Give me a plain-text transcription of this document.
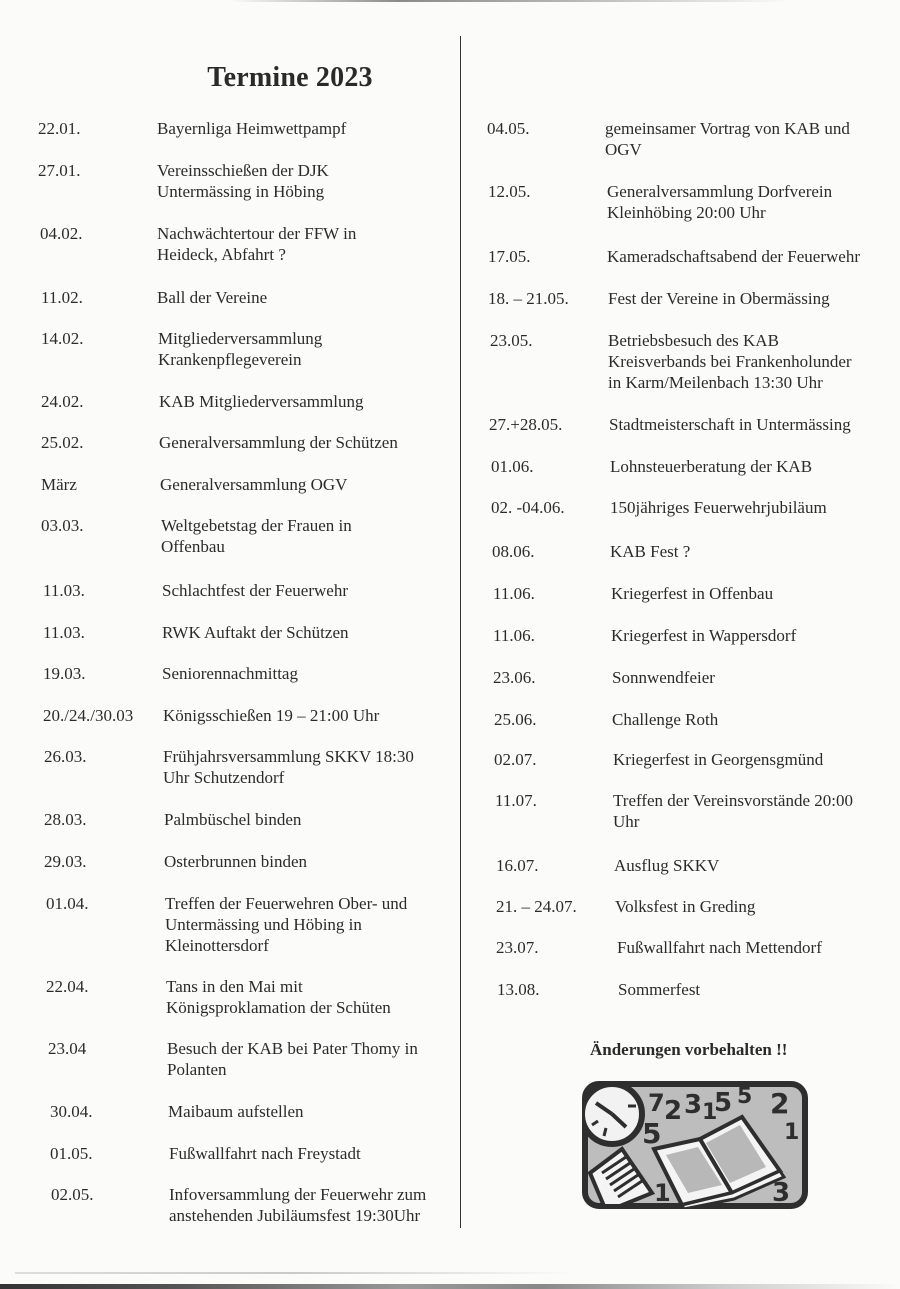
Termine 2023
22.01.	Bayernliga Heimwettpampf
27.01.	Vereinsschießen der DJK
Untermässing in Höbing
04.02.	Nachwächtertour der FFW in
Heideck, Abfahrt ?
11.02.	Ball der Vereine
14.02.	Mitgliederversammlung
Krankenpflegeverein
24.02.	KAB Mitgliederversammlung
25.02.	Generalversammlung der Schützen
März	Generalversammlung OGV
03.03.	Weltgebetstag der Frauen in
Offenbau
11.03.	Schlachtfest der Feuerwehr
11.03.	RWK Auftakt der Schützen
19.03.	Seniorennachmittag
20./24./30.03 Königsschießen 19 – 21:00 Uhr
26.03.	Frühjahrsversammlung SKKV 18:30
Uhr Schutzendorf
28.03.	Palmbüschel binden
29.03.	Osterbrunnen binden
01.04.	Treffen der Feuerwehren Ober- und
Untermässing und Höbing in
Kleinottersdorf
22.04.	Tans in den Mai mit
Königsproklamation der Schüten
23.04	Besuch der KAB bei Pater Thomy in
Polanten
30.04.	Maibaum aufstellen
01.05.	Fußwallfahrt nach Freystadt
02.05.	Infoversammlung der Feuerwehr zum
anstehenden Jubiläumsfest 19:30Uhr
04.05.	gemeinsamer Vortrag von KAB und
OGV
12.05.	Generalversammlung Dorfverein
Kleinhöbing 20:00 Uhr
17.05.	Kameradschaftsabend der Feuerwehr
18. – 21.05. Fest der Vereine in Obermässing
23.05.	Betriebsbesuch des KAB
Kreisverbands bei Frankenholunder
in Karm/Meilenbach 13:30 Uhr
27.+28.05.	Stadtmeisterschaft in Untermässing
01.06.	Lohnsteuerberatung der KAB
02. -04.06.	150jähriges Feuerwehrjubiläum
08.06.	KAB Fest ?
11.06.	Kriegerfest in Offenbau
11.06.	Kriegerfest in Wappersdorf
23.06.	Sonnwendfeier
25.06.	Challenge Roth
02.07.	Kriegerfest in Georgensgmünd
11.07.	Treffen der Vereinsvorstände 20:00
Uhr
16.07.	Ausflug SKKV
21. – 24.07. Volksfest in Greding
23.07.	Fußwallfahrt nach Mettendorf
13.08.	Sommerfest
Änderungen vorbehalten !!
7 2 3 1
5 5 2
1
5
1	3
